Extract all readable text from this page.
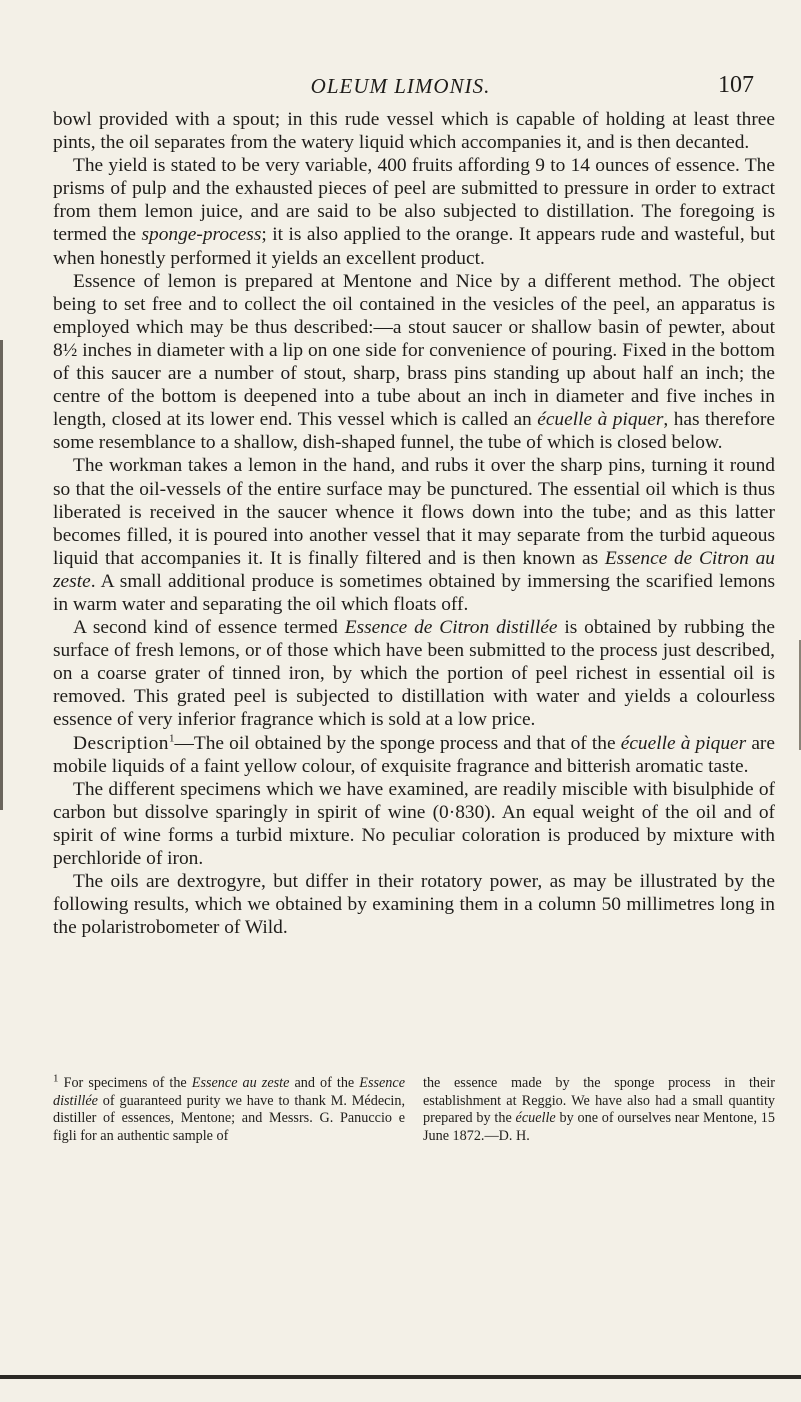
OLEUM LIMONIS.	107

bowl provided with a spout; in this rude vessel which is capable of holding at least three pints, the oil separates from the watery liquid which accompanies it, and is then decanted.

The yield is stated to be very variable, 400 fruits affording 9 to 14 ounces of essence. The prisms of pulp and the exhausted pieces of peel are submitted to pressure in order to extract from them lemon juice, and are said to be also subjected to distillation. The foregoing is termed the sponge-process; it is also applied to the orange. It appears rude and wasteful, but when honestly performed it yields an excellent product.

Essence of lemon is prepared at Mentone and Nice by a different method. The object being to set free and to collect the oil contained in the vesicles of the peel, an apparatus is employed which may be thus described:—a stout saucer or shallow basin of pewter, about 8½ inches in diameter with a lip on one side for convenience of pouring. Fixed in the bottom of this saucer are a number of stout, sharp, brass pins standing up about half an inch; the centre of the bottom is deepened into a tube about an inch in diameter and five inches in length, closed at its lower end. This vessel which is called an écuelle à piquer, has therefore some resemblance to a shallow, dish-shaped funnel, the tube of which is closed below.

The workman takes a lemon in the hand, and rubs it over the sharp pins, turning it round so that the oil-vessels of the entire surface may be punctured. The essential oil which is thus liberated is received in the saucer whence it flows down into the tube; and as this latter becomes filled, it is poured into another vessel that it may separate from the turbid aqueous liquid that accompanies it. It is finally filtered and is then known as Essence de Citron au zeste. A small additional produce is sometimes obtained by immersing the scarified lemons in warm water and separating the oil which floats off.

A second kind of essence termed Essence de Citron distillée is obtained by rubbing the surface of fresh lemons, or of those which have been submitted to the process just described, on a coarse grater of tinned iron, by which the portion of peel richest in essential oil is removed. This grated peel is subjected to distillation with water and yields a colourless essence of very inferior fragrance which is sold at a low price.

Description$^1$—The oil obtained by the sponge process and that of the écuelle à piquer are mobile liquids of a faint yellow colour, of exquisite fragrance and bitterish aromatic taste.

The different specimens which we have examined, are readily miscible with bisulphide of carbon but dissolve sparingly in spirit of wine (0·830). An equal weight of the oil and of spirit of wine forms a turbid mixture. No peculiar coloration is produced by mixture with perchloride of iron.

The oils are dextrogyre, but differ in their rotatory power, as may be illustrated by the following results, which we obtained by examining them in a column 50 millimetres long in the polaristrobometer of Wild.

$^1$ For specimens of the Essence au zeste and of the Essence distillée of guaranteed purity we have to thank M. Médecin, distiller of essences, Mentone; and Messrs. G. Panuccio e figli for an authentic sample of

the essence made by the sponge process in their establishment at Reggio. We have also had a small quantity prepared by the écuelle by one of ourselves near Mentone, 15 June 1872.—D. H.
